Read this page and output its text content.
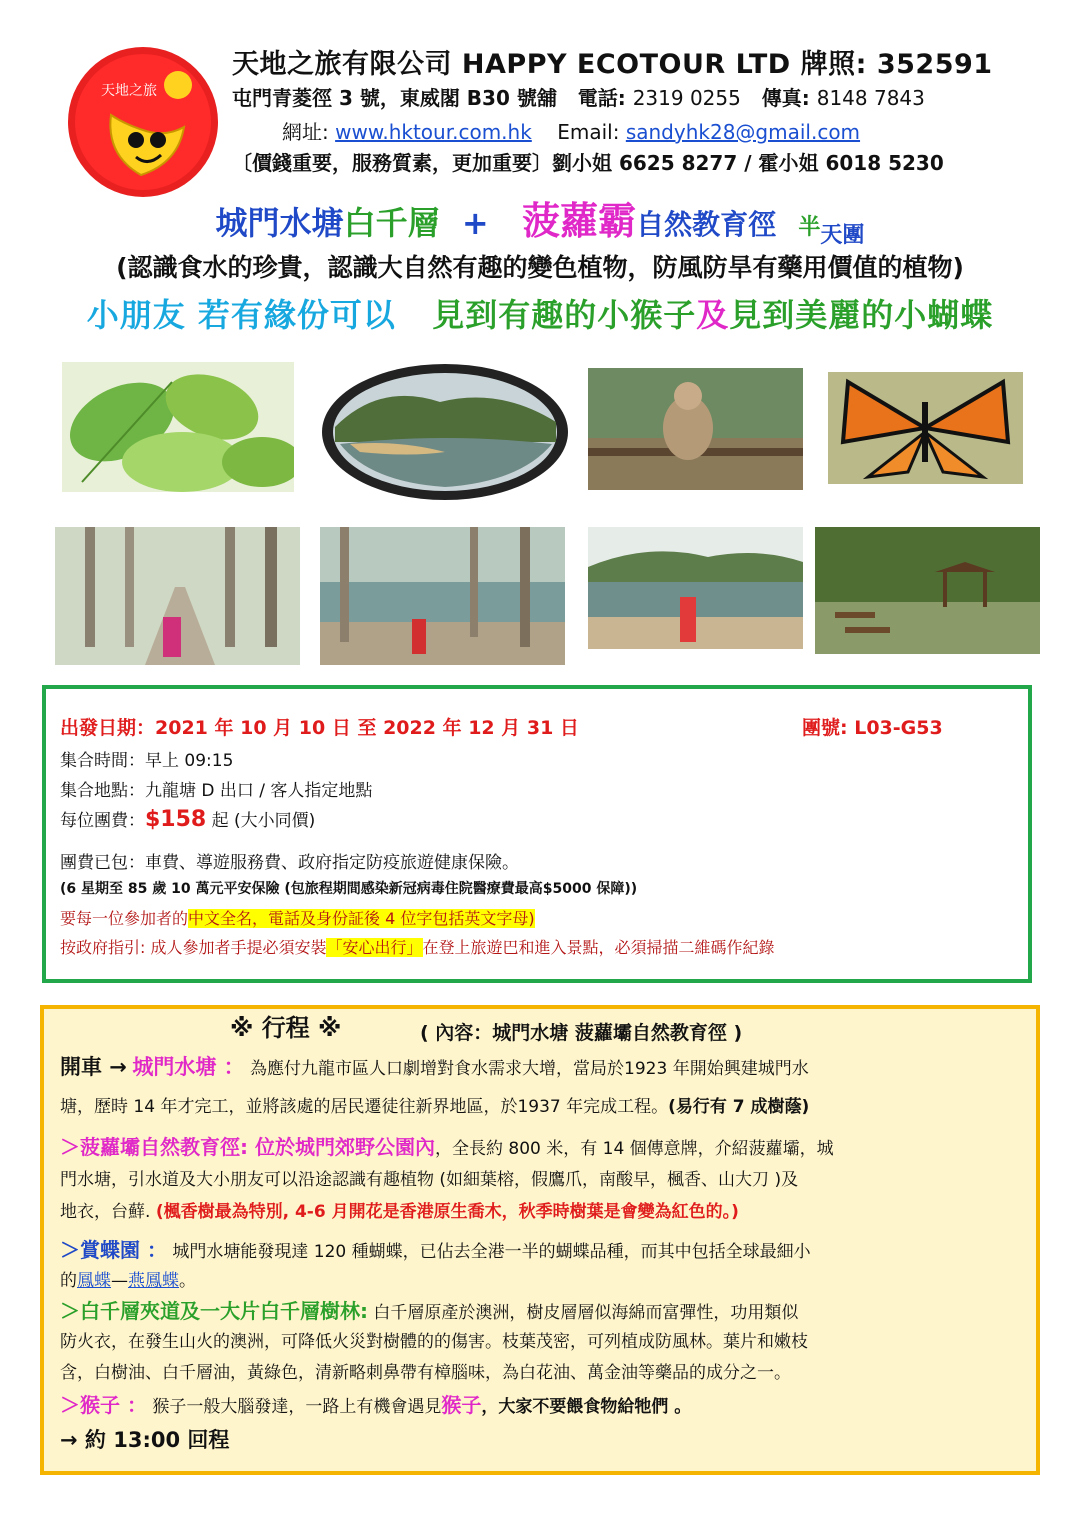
天地之旅
天地之旅有限公司 HAPPY ECOTOUR LTD 牌照: 352591
屯門青菱徑 3 號，東威閣 B30 號舖 電話: 2319 0255 傳真: 8148 7843
網址: www.hktour.com.hk Email: sandyhk28@gmail.com
〔價錢重要，服務質素，更加重要〕劉小姐 6625 8277 / 霍小姐 6018 5230
城門水塘白千層 + 菠蘿霸自然教育徑 半$_{天團}$
(認識食水的珍貴，認識大自然有趣的變色植物，防風防旱有藥用價值的植物)
小朋友 若有緣份可以 見到有趣的小猴子及見到美麗的小蝴蝶
出發日期：2021 年 10 月 10 日 至 2022 年 12 月 31 日	團號: L03-G53
集合時間：早上 09:15
集合地點：九龍塘 D 出口 / 客人指定地點
每位團費：$158 起 (大小同價)
團費已包：車費、導遊服務費、政府指定防疫旅遊健康保險。
(6 星期至 85 歲 10 萬元平安保險 (包旅程期間感染新冠病毒住院醫療費最高$5000 保障))
要每一位參加者的中文全名，電話及身份証後 4 位字包括英文字母)
按政府指引: 成人參加者手提必須安裝「安心出行」在登上旅遊巴和進入景點，必須掃描二維碼作紀錄
※ 行程 ※	( 內容：城門水塘 菠蘿壩自然教育徑 )
開車 → 城門水塘 ： 為應付九龍市區人口劇增對食水需求大增，當局於1923 年開始興建城門水
塘，歷時 14 年才完工，並將該處的居民遷徒往新界地區，於1937 年完成工程。(易行有 7 成樹蔭)
＞菠蘿壩自然教育徑: 位於城門郊野公園內，全長約 800 米，有 14 個傳意牌，介紹菠蘿壩，城
門水塘，引水道及大小朋友可以沿途認識有趣植物 (如細葉榕，假鷹爪，南酸早，楓香、山大刀 )及
地衣，台蘚. (楓香樹最為特別, 4-6 月開花是香港原生喬木，秋季時樹葉是會變為紅色的。)
＞賞蝶園 ： 城門水塘能發現達 120 種蝴蝶，已佔去全港一半的蝴蝶品種，而其中包括全球最細小
的鳳蝶—燕鳳蝶。
＞白千層夾道及一大片白千層樹林: 白千層原產於澳洲，樹皮層層似海綿而富彈性，功用類似
防火衣，在發生山火的澳洲，可降低火災對樹體的的傷害。枝葉茂密，可列植成防風林。葉片和嫩枝
含，白樹油、白千層油，黃綠色，清新略刺鼻帶有樟腦味，為白花油、萬金油等藥品的成分之一。
＞猴子 ： 猴子一般大腦發達，一路上有機會遇見猴子，大家不要餵食物給牠們 。
→ 約 13:00 回程
